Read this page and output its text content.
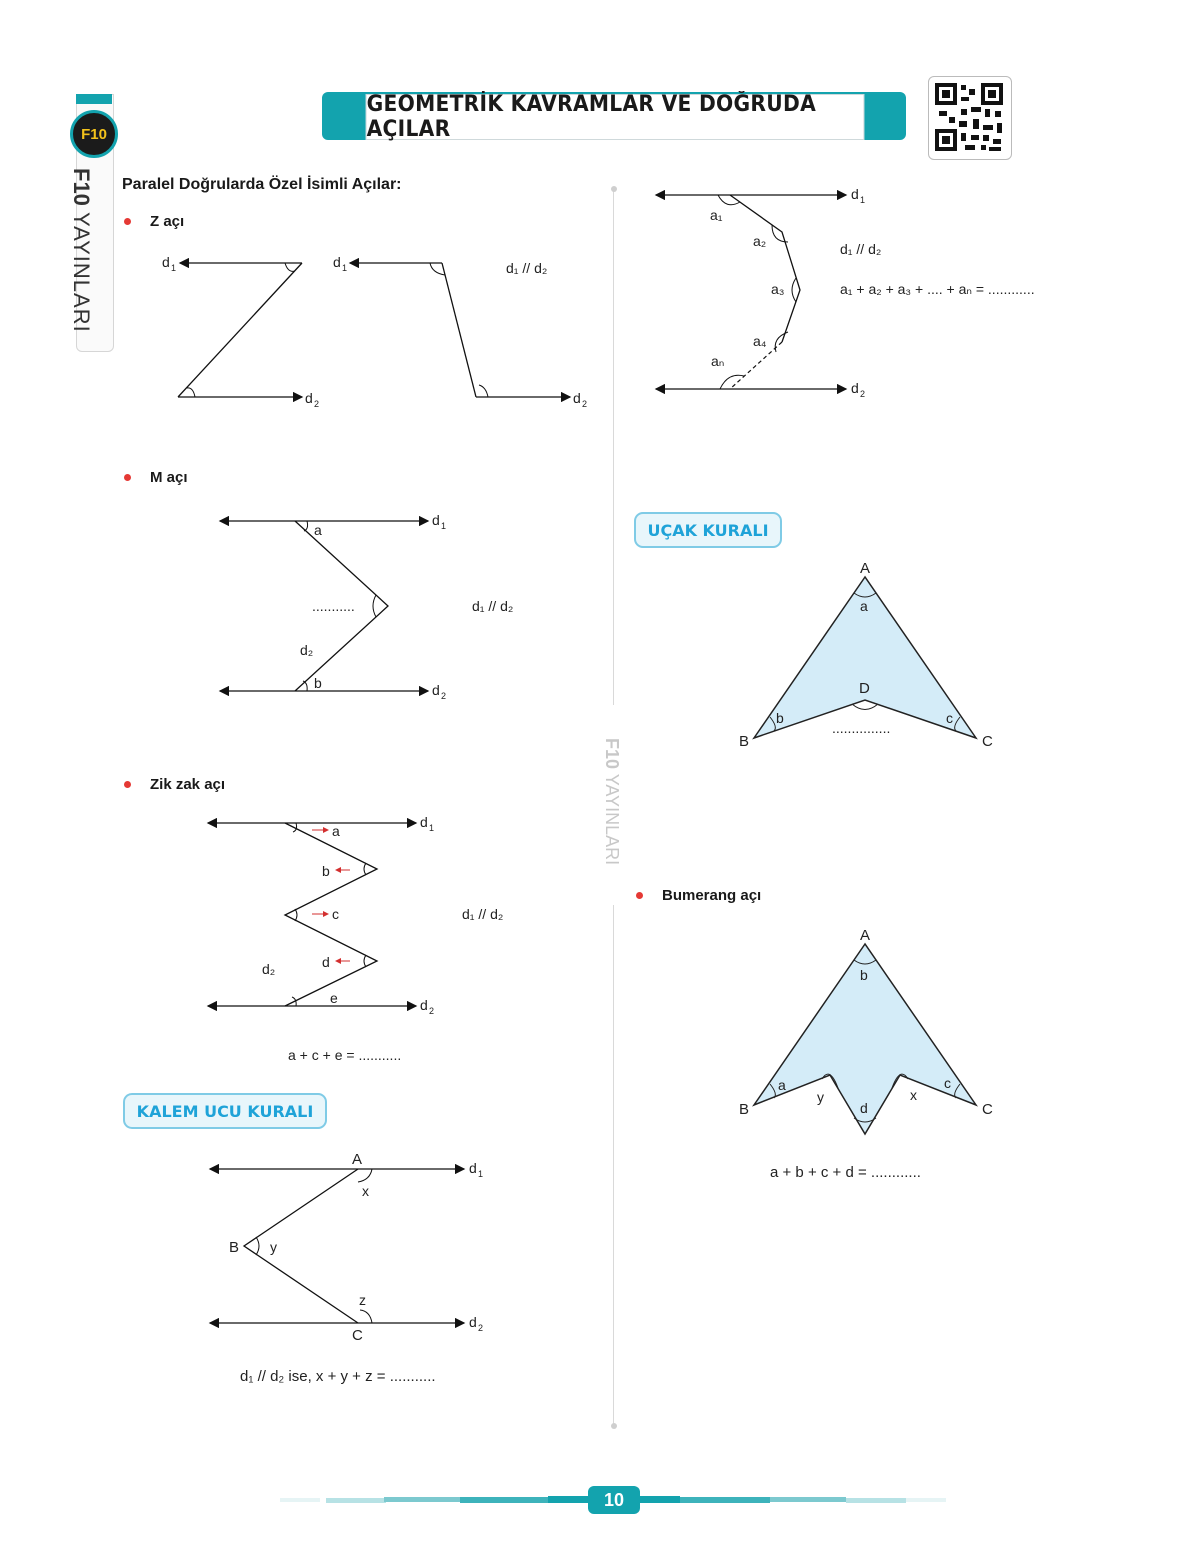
GEOMETRİK KAVRAMLAR VE DOĞRUDA AÇILAR
F10
F10 YAYINLARI
F10 YAYINLARI
Paralel Doğrularda Özel İsimli Açılar:
Z açı
d 1
d 2
d 1
d 2
d₁ // d₂
M açı
a
b
...........
d 1
d 2
d₂
d₁ // d₂
Zik zak açı
a
b
c
d
e
d 1
d 2
d₂
d₁ // d₂
a + c + e = ...........
KALEM UCU KURALI
A
B
C
x
y
z
d 1
d 2
d₁ // d₂ ise, x + y + z = ...........
a₁
a₂
a₃
a₄
aₙ
d 1
d 2
d₁ // d₂
a₁ + a₂ + a₃ + .... + aₙ = ............
UÇAK KURALI
A
B	C
D
a
b	c
...............
Bumerang açı
A
B	C
b
a	c
d
y	x
a + b + c + d = ............
10
